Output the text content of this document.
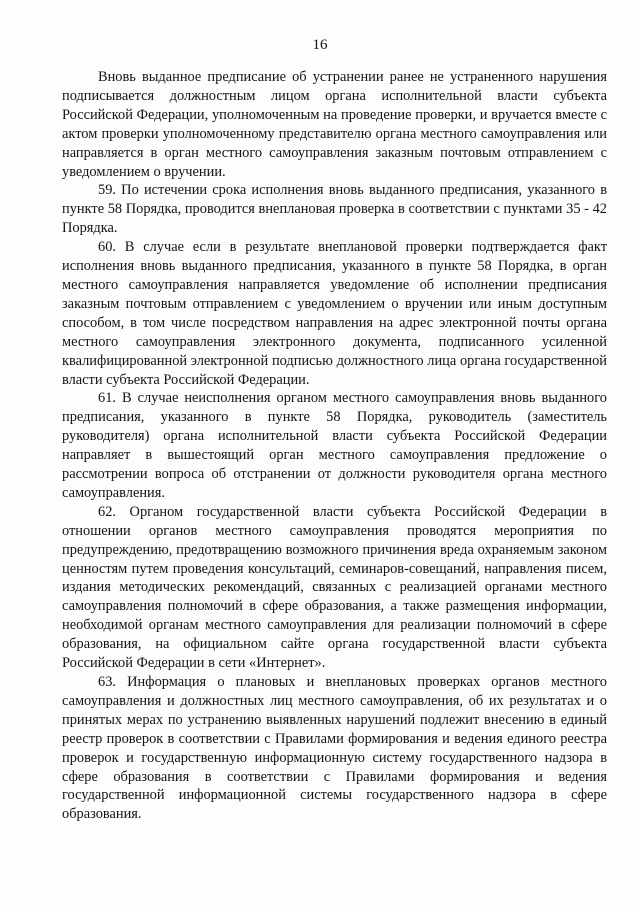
16

Вновь выданное предписание об устранении ранее не устраненного нарушения подписывается должностным лицом органа исполнительной власти субъекта Российской Федерации, уполномоченным на проведение проверки, и вручается вместе с актом проверки уполномоченному представителю органа местного самоуправления или направляется в орган местного самоуправления заказным почтовым отправлением с уведомлением о вручении.

59. По истечении срока исполнения вновь выданного предписания, указанного в пункте 58 Порядка, проводится внеплановая проверка в соответствии с пунктами 35 - 42 Порядка.

60. В случае если в результате внеплановой проверки подтверждается факт исполнения вновь выданного предписания, указанного в пункте 58 Порядка, в орган местного самоуправления направляется уведомление об исполнении предписания заказным почтовым отправлением с уведомлением о вручении или иным доступным способом, в том числе посредством направления на адрес электронной почты органа местного самоуправления электронного документа, подписанного усиленной квалифицированной электронной подписью должностного лица органа государственной власти субъекта Российской Федерации.

61. В случае неисполнения органом местного самоуправления вновь выданного предписания, указанного в пункте 58 Порядка, руководитель (заместитель руководителя) органа исполнительной власти субъекта Российской Федерации направляет в вышестоящий орган местного самоуправления предложение о рассмотрении вопроса об отстранении от должности руководителя органа местного самоуправления.

62. Органом государственной власти субъекта Российской Федерации в отношении органов местного самоуправления проводятся мероприятия по предупреждению, предотвращению возможного причинения вреда охраняемым законом ценностям путем проведения консультаций, семинаров-совещаний, направления писем, издания методических рекомендаций, связанных с реализацией органами местного самоуправления полномочий в сфере образования, а также размещения информации, необходимой органам местного самоуправления для реализации полномочий в сфере образования, на официальном сайте органа государственной власти субъекта Российской Федерации в сети «Интернет».

63. Информация о плановых и внеплановых проверках органов местного самоуправления и должностных лиц местного самоуправления, об их результатах и о принятых мерах по устранению выявленных нарушений подлежит внесению в единый реестр проверок в соответствии с Правилами формирования и ведения единого реестра проверок и государственную информационную систему государственного надзора в сфере образования в соответствии с Правилами формирования и ведения государственной информационной системы государственного надзора в сфере образования.
